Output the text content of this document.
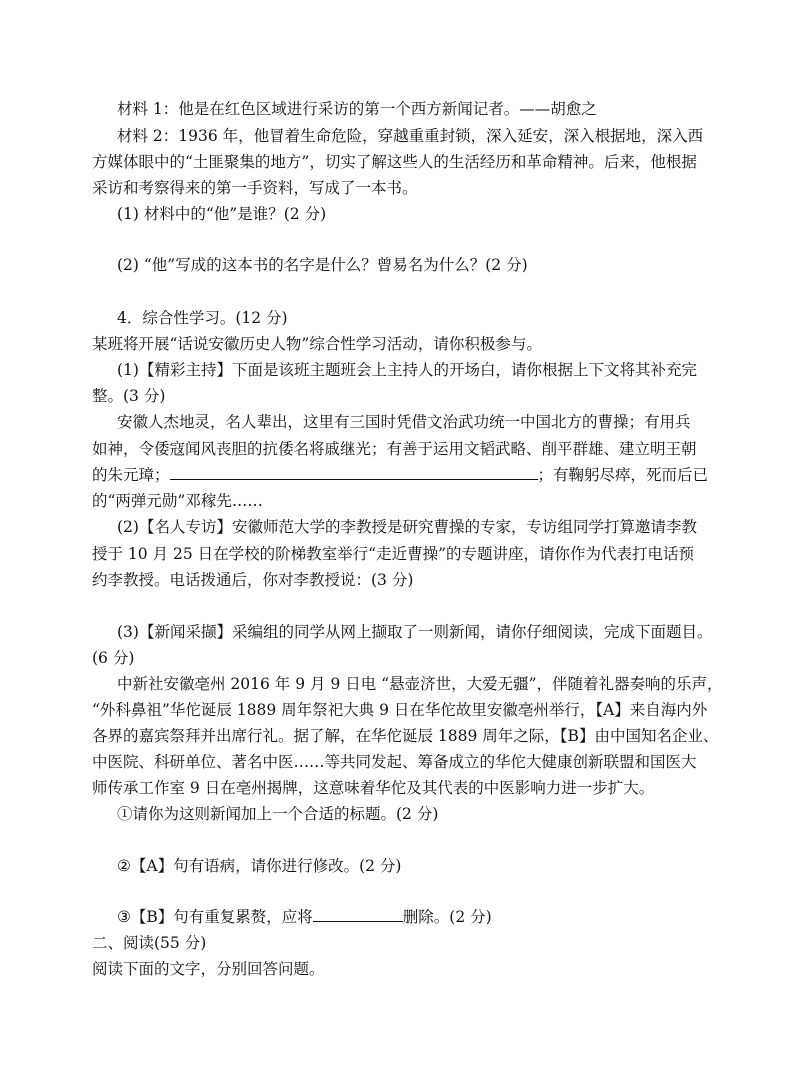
材料 1：他是在红色区域进行采访的第一个西方新闻记者。——胡愈之

材料 2：1936 年，他冒着生命危险，穿越重重封锁，深入延安，深入根据地，深入西

方媒体眼中的“土匪聚集的地方”，切实了解这些人的生活经历和革命精神。后来，他根据

采访和考察得来的第一手资料，写成了一本书。

(1) 材料中的“他”是谁？(2 分)

(2) “他”写成的这本书的名字是什么？曾易名为什么？(2 分)

4．综合性学习。(12 分)

某班将开展“话说安徽历史人物”综合性学习活动，请你积极参与。

(1)【精彩主持】下面是该班主题班会上主持人的开场白，请你根据上下文将其补充完

整。(3 分)

安徽人杰地灵，名人辈出，这里有三国时凭借文治武功统一中国北方的曹操；有用兵

如神，令倭寇闻风丧胆的抗倭名将戚继光；有善于运用文韬武略、削平群雄、建立明王朝

的朱元璋；	；有鞠躬尽瘁，死而后已

的“两弹元勋”邓稼先……

(2)【名人专访】安徽师范大学的李教授是研究曹操的专家，专访组同学打算邀请李教

授于 10 月 25 日在学校的阶梯教室举行“走近曹操”的专题讲座，请你作为代表打电话预

约李教授。电话拨通后，你对李教授说：(3 分)

(3)【新闻采撷】采编组的同学从网上撷取了一则新闻，请你仔细阅读，完成下面题目。

(6 分)

中新社安徽亳州 2016 年 9 月 9 日电 “悬壶济世，大爱无疆”，伴随着礼器奏响的乐声，

“外科鼻祖”华佗诞辰 1889 周年祭祀大典 9 日在华佗故里安徽亳州举行，【A】来自海内外

各界的嘉宾祭拜并出席行礼。据了解，在华佗诞辰 1889 周年之际，【B】由中国知名企业、

中医院、科研单位、著名中医……等共同发起、筹备成立的华佗大健康创新联盟和国医大

师传承工作室 9 日在亳州揭牌，这意味着华佗及其代表的中医影响力进一步扩大。

①请你为这则新闻加上一个合适的标题。(2 分)

②【A】句有语病，请你进行修改。(2 分)

③【B】句有重复累赘，应将	删除。(2 分)

二、阅读(55 分)

阅读下面的文字，分别回答问题。
